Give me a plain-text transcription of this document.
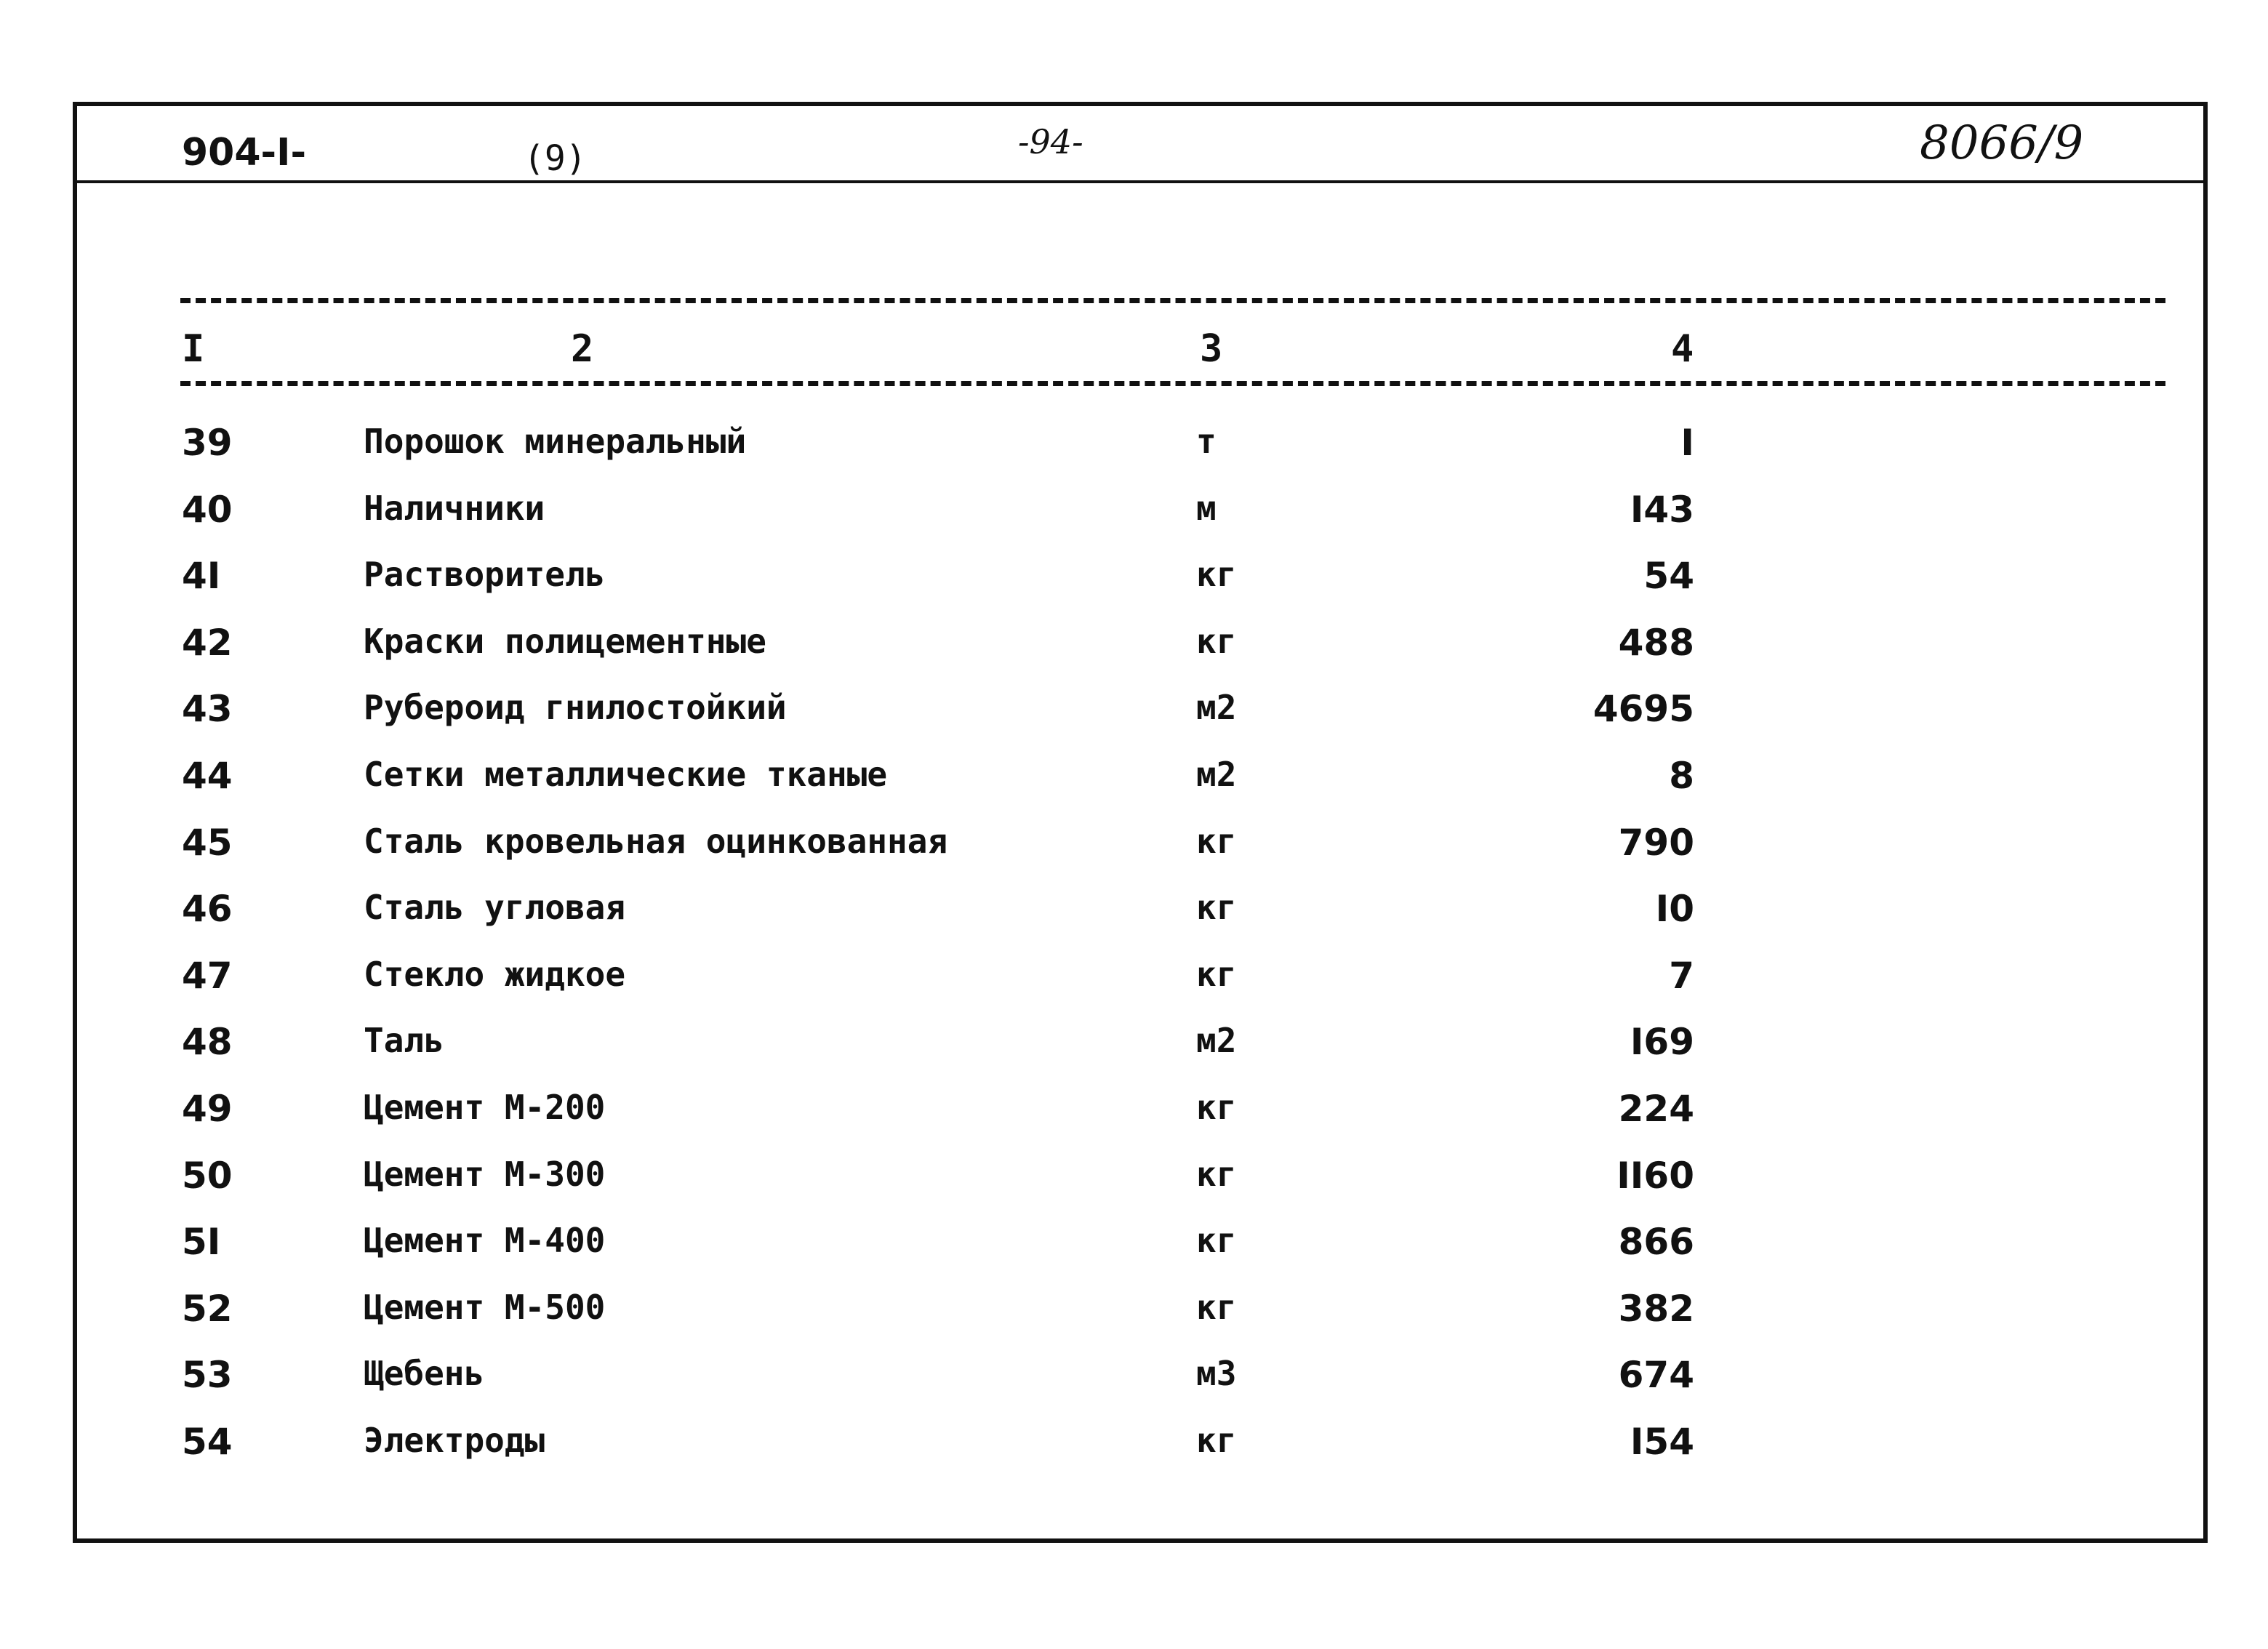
904-I-	(9)	-94-	8066/9
I	2	3	4
39	Порошок минеральный	т	I
40	Наличники	м	I43
4I	Растворитель	кг	54
42	Краски полицементные	кг	488
43	Рубероид гнилостойкий	м2	4695
44	Сетки металлические тканые	м2	8
45	Сталь кровельная оцинкованная	кг	790
46	Сталь угловая	кг	I0
47	Стекло жидкое	кг	7
48	Таль	м2	I69
49	Цемент М-200	кг	224
50	Цемент М-300	кг	II60
5I	Цемент М-400	кг	866
52	Цемент М-500	кг	382
53	Щебень	м3	674
54	Электроды	кг	I54
